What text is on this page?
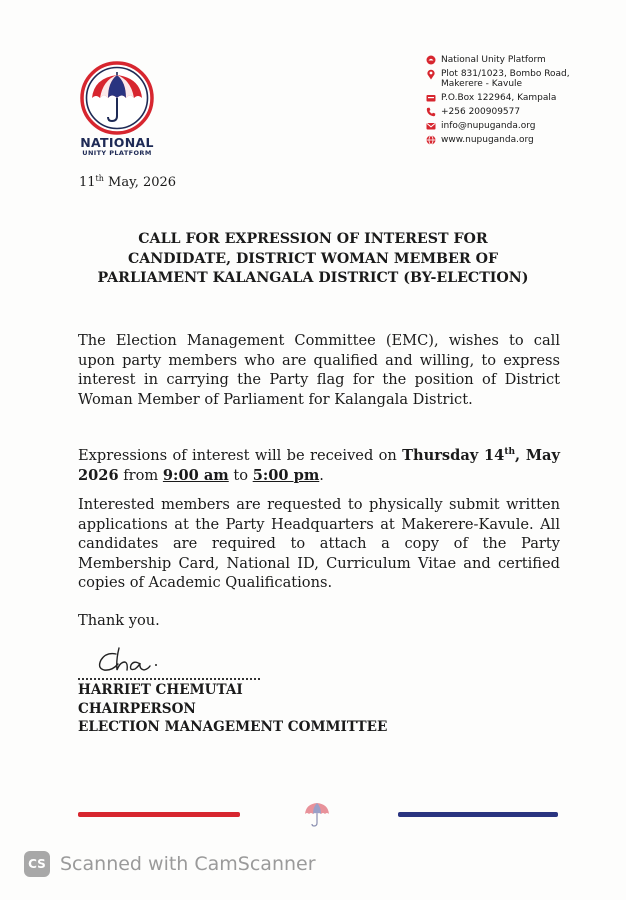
NATIONAL
UNITY PLATFORM
National Unity Platform
Plot 831/1023, Bombo Road,
Makerere - Kavule
P.O.Box 122964, Kampala
+256 200909577
info@nupuganda.org
www.nupuganda.org
11th May, 2026
CALL FOR EXPRESSION OF INTEREST FOR
CANDIDATE, DISTRICT WOMAN MEMBER OF
PARLIAMENT KALANGALA DISTRICT (BY-ELECTION)
The Election Management Committee (EMC), wishes to call upon party members who are qualified and willing, to express interest in carrying the Party flag for the position of District Woman Member of Parliament for Kalangala District.
Expressions of interest will be received on Thursday 14th, May 2026 from 9:00 am to 5:00 pm.
Interested members are requested to physically submit written applications at the Party Headquarters at Makerere-Kavule. All candidates are required to attach a copy of the Party Membership Card, National ID, Curriculum Vitae and certified copies of Academic Qualifications.
Thank you.
HARRIET CHEMUTAI
CHAIRPERSON
ELECTION MANAGEMENT COMMITTEE
CS Scanned with CamScanner
